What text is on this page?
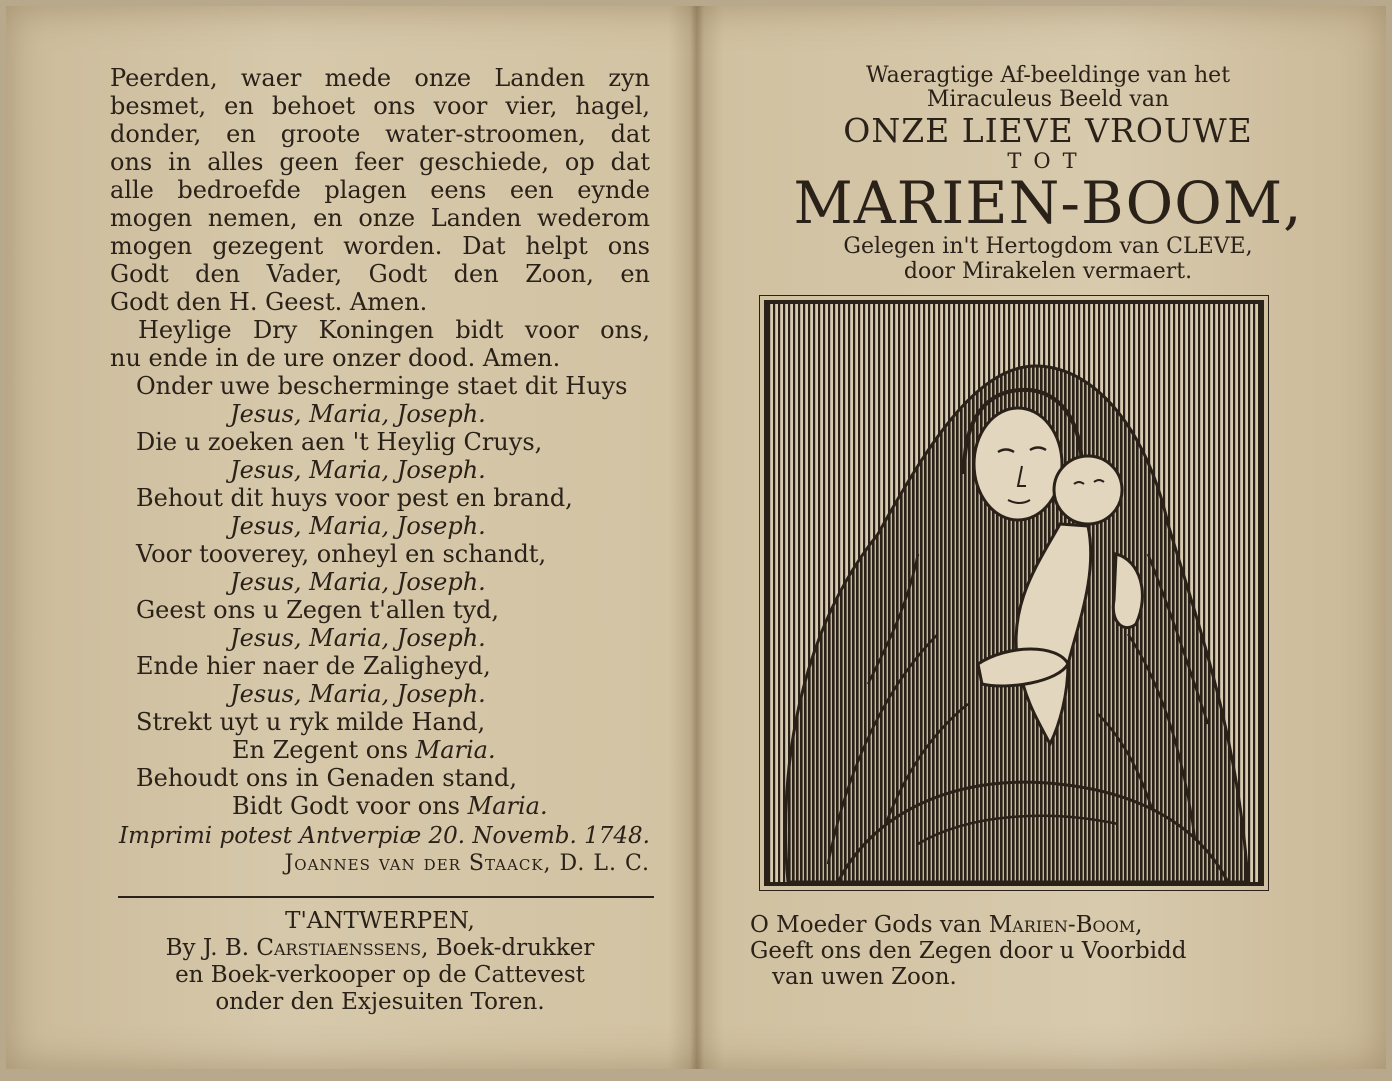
Peerden, waer mede onze Landen zyn
besmet, en behoet ons voor vier, hagel,
donder, en groote water-stroomen, dat
ons in alles geen feer geschiede, op dat
alle bedroefde plagen eens een eynde
mogen nemen, en onze Landen wederom
mogen gezegent worden. Dat helpt ons
Godt den Vader, Godt den Zoon, en
Godt den H. Geest. Amen.
Heylige Dry Koningen bidt voor ons,
nu ende in de ure onzer dood. Amen.
Onder uwe bescherminge staet dit Huys
Jesus, Maria, Joseph.
Die u zoeken aen 't Heylig Cruys,
Jesus, Maria, Joseph.
Behout dit huys voor pest en brand,
Jesus, Maria, Joseph.
Voor tooverey, onheyl en schandt,
Jesus, Maria, Joseph.
Geest ons u Zegen t'allen tyd,
Jesus, Maria, Joseph.
Ende hier naer de Zaligheyd,
Jesus, Maria, Joseph.
Strekt uyt u ryk milde Hand,
En Zegent ons Maria.
Behoudt ons in Genaden stand,
Bidt Godt voor ons Maria.
Imprimi potest Antverpiæ 20. Novemb. 1748.
Joannes van der Staack, D. L. C.
T'ANTWERPEN,
By J. B. Carstiaenssens, Boek-drukker
en Boek-verkooper op de Cattevest
onder den Exjesuiten Toren.
Waeragtige Af-beeldinge van het
Miraculeus Beeld van
ONZE LIEVE VROUWE
TOT
MARIEN-BOOM,
Gelegen in't Hertogdom van CLEVE,
door Mirakelen vermaert.
O Moeder Gods van Marien-Boom,
Geeft ons den Zegen door u Voorbidd
van uwen Zoon.
